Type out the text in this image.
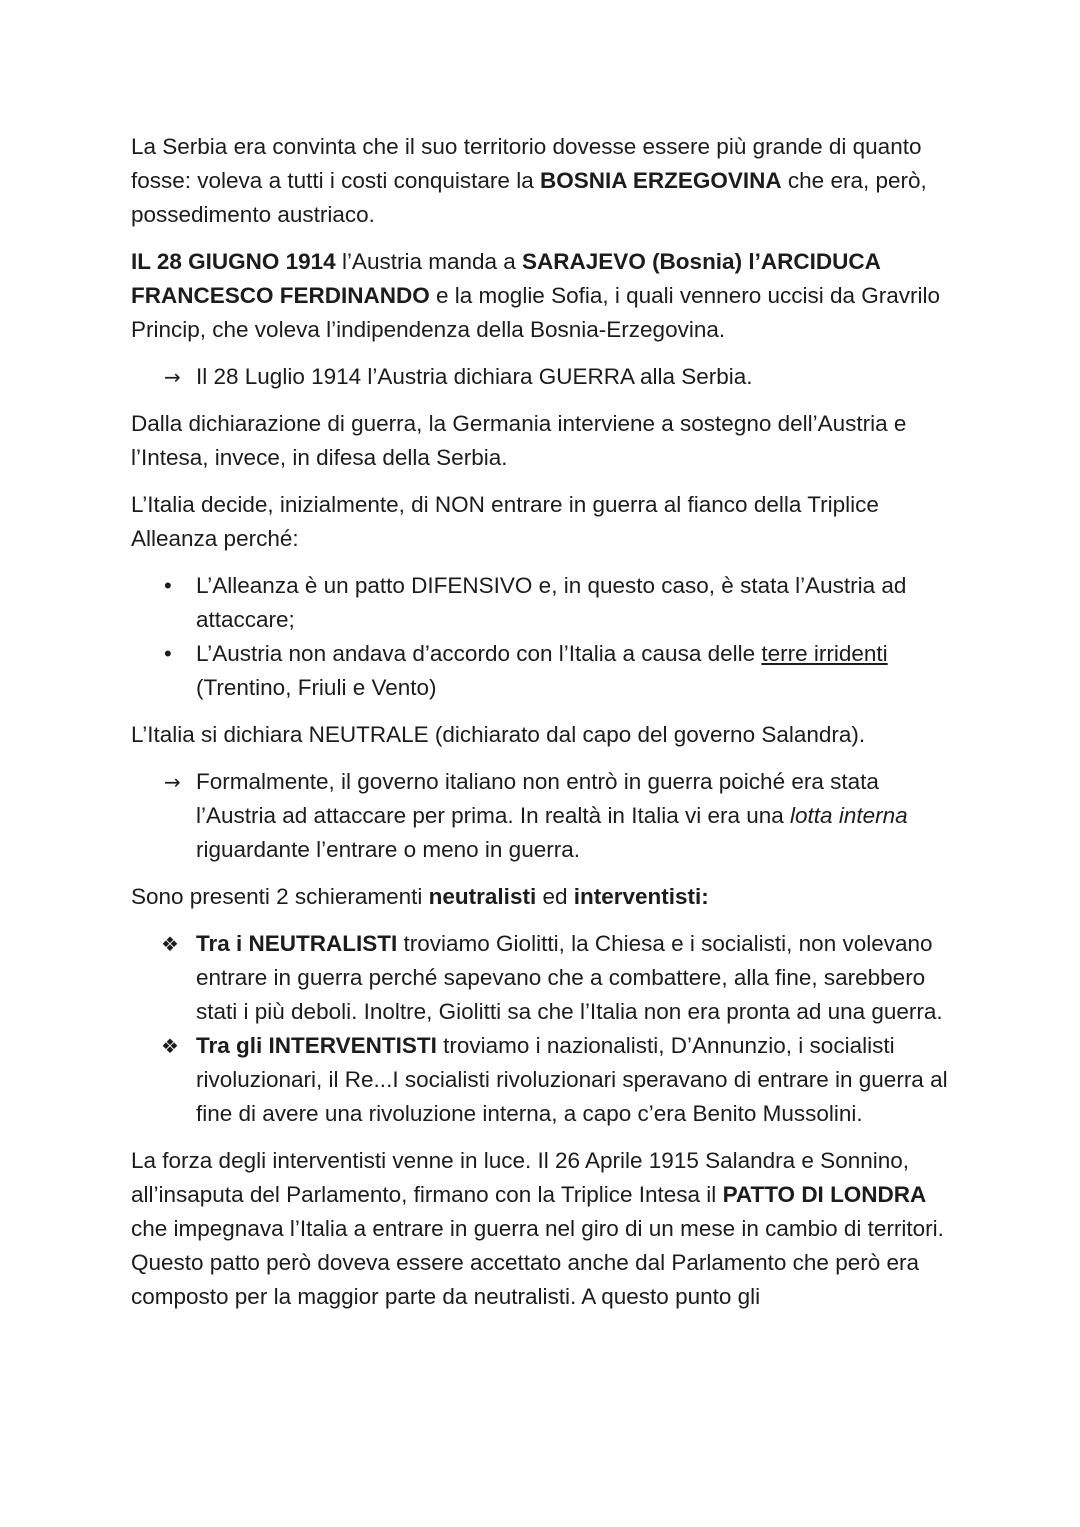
La Serbia era convinta che il suo territorio dovesse essere più grande di quanto fosse: voleva a tutti i costi conquistare la BOSNIA ERZEGOVINA che era, però, possedimento austriaco.

IL 28 GIUGNO 1914 l’Austria manda a SARAJEVO (Bosnia) l’ARCIDUCA FRANCESCO FERDINANDO e la moglie Sofia, i quali vennero uccisi da Gravrilo Princip, che voleva l’indipendenza della Bosnia-Erzegovina.

→ Il 28 Luglio 1914 l’Austria dichiara GUERRA alla Serbia.

Dalla dichiarazione di guerra, la Germania interviene a sostegno dell’Austria e l’Intesa, invece, in difesa della Serbia.

L’Italia decide, inizialmente, di NON entrare in guerra al fianco della Triplice Alleanza perché:

• L’Alleanza è un patto DIFENSIVO e, in questo caso, è stata l’Austria ad attaccare;
• L’Austria non andava d’accordo con l’Italia a causa delle terre irridenti (Trentino, Friuli e Vento)

L’Italia si dichiara NEUTRALE (dichiarato dal capo del governo Salandra).

→ Formalmente, il governo italiano non entrò in guerra poiché era stata l’Austria ad attaccare per prima. In realtà in Italia vi era una lotta interna riguardante l’entrare o meno in guerra.

Sono presenti 2 schieramenti neutralisti ed interventisti:

❖ Tra i NEUTRALISTI troviamo Giolitti, la Chiesa e i socialisti, non volevano entrare in guerra perché sapevano che a combattere, alla fine, sarebbero stati i più deboli. Inoltre, Giolitti sa che l’Italia non era pronta ad una guerra.
❖ Tra gli INTERVENTISTI troviamo i nazionalisti, D’Annunzio, i socialisti rivoluzionari, il Re...I socialisti rivoluzionari speravano di entrare in guerra al fine di avere una rivoluzione interna, a capo c’era Benito Mussolini.

La forza degli interventisti venne in luce. Il 26 Aprile 1915 Salandra e Sonnino, all’insaputa del Parlamento, firmano con la Triplice Intesa il PATTO DI LONDRA che impegnava l’Italia a entrare in guerra nel giro di un mese in cambio di territori. Questo patto però doveva essere accettato anche dal Parlamento che però era composto per la maggior parte da neutralisti. A questo punto gli
